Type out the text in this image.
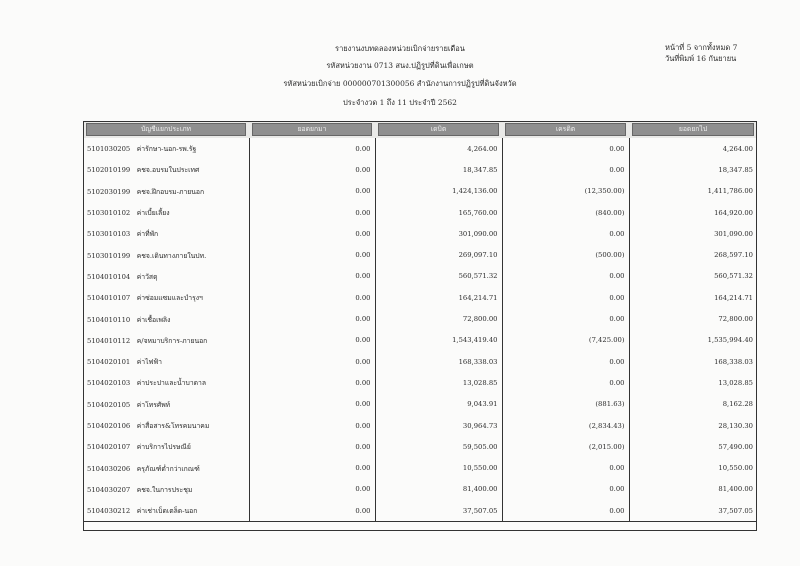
รายงานงบทดลองหน่วยเบิกจ่ายรายเดือน
รหัสหน่วยงาน 0713 สนง.ปฏิรูปที่ดินเพื่อเกษต
รหัสหน่วยเบิกจ่าย 000000701300056 สำนักงานการปฏิรูปที่ดินจังหวัด
ประจำงวด 1 ถึง 11 ประจำปี 2562
หน้าที่ 5 จากทั้งหมด 7
วันที่พิมพ์ 16 กันยายน
บัญชีแยกประเภท	ยอดยกมา	เดบิต	เครดิต	ยอดยกไป

5101030205 ค่ารักษา-นอก-รพ.รัฐ	0.00	4,264.00	0.00	4,264.00
5102010199 คชจ.อบรมในประเทศ	0.00	18,347.85	0.00	18,347.85
5102030199 คชจ.ฝึกอบรม-ภายนอก	0.00	1,424,136.00	(12,350.00)	1,411,786.00
5103010102 ค่าเบี้ยเลี้ยง	0.00	165,760.00	(840.00)	164,920.00
5103010103 ค่าที่พัก	0.00	301,090.00	0.00	301,090.00
5103010199 คชจ.เดินทางภายในปท.	0.00	269,097.10	(500.00)	268,597.10
5104010104 ค่าวัสดุ	0.00	560,571.32	0.00	560,571.32
5104010107 ค่าซ่อมแซมและบำรุงฯ	0.00	164,214.71	0.00	164,214.71
5104010110 ค่าเชื้อเพลิง	0.00	72,800.00	0.00	72,800.00
5104010112 ค/จหมาบริการ-ภายนอก	0.00	1,543,419.40	(7,425.00)	1,535,994.40
5104020101 ค่าไฟฟ้า	0.00	168,338.03	0.00	168,338.03
5104020103 ค่าประปาและน้ำบาดาล	0.00	13,028.85	0.00	13,028.85
5104020105 ค่าโทรศัพท์	0.00	9,043.91	(881.63)	8,162.28
5104020106 ค่าสื่อสาร&โทรคมนาคม	0.00	30,964.73	(2,834.43)	28,130.30
5104020107 ค่าบริการไปรษณีย์	0.00	59,505.00	(2,015.00)	57,490.00
5104030206 ครุภัณฑ์ต่ำกว่าเกณฑ์	0.00	10,550.00	0.00	10,550.00
5104030207 คชจ.ในการประชุม	0.00	81,400.00	0.00	81,400.00
5104030212 ค่าเช่าเบ็ดเตล็ด-นอก	0.00	37,507.05	0.00	37,507.05
